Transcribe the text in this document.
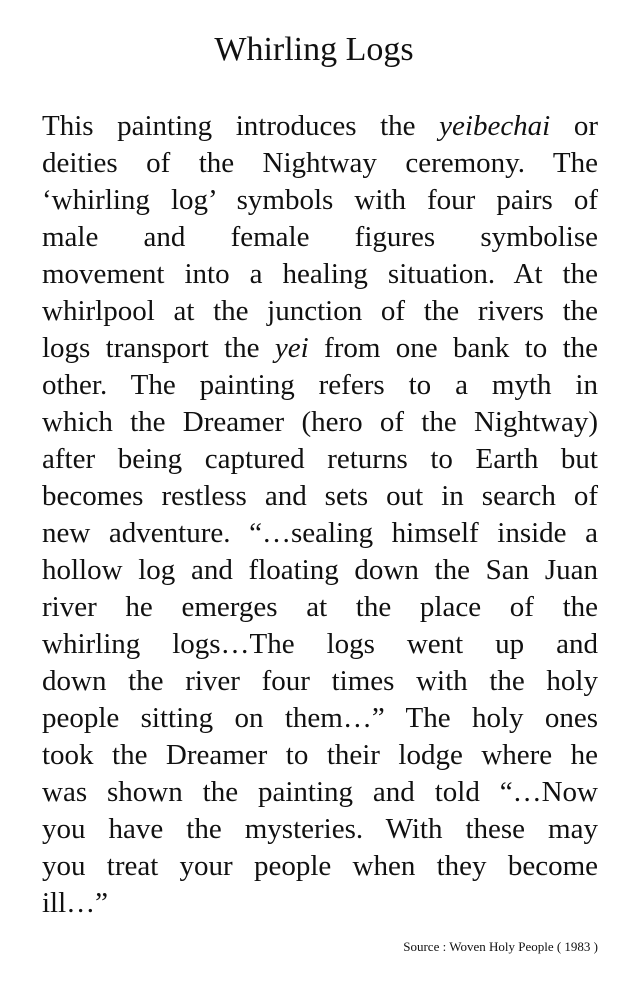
Whirling Logs
This painting introduces the yeibechai or
deities of the Nightway ceremony. The
‘whirling log’ symbols with four pairs of
male and female figures symbolise
movement into a healing situation. At the
whirlpool at the junction of the rivers the
logs transport the yei from one bank to the
other. The painting refers to a myth in
which the Dreamer (hero of the Nightway)
after being captured returns to Earth but
becomes restless and sets out in search of
new adventure. “…sealing himself inside a
hollow log and floating down the San Juan
river he emerges at the place of the
whirling logs…The logs went up and
down the river four times with the holy
people sitting on them…” The holy ones
took the Dreamer to their lodge where he
was shown the painting and told “…Now
you have the mysteries. With these may
you treat your people when they become
ill…”

Source : Woven Holy People ( 1983 )
